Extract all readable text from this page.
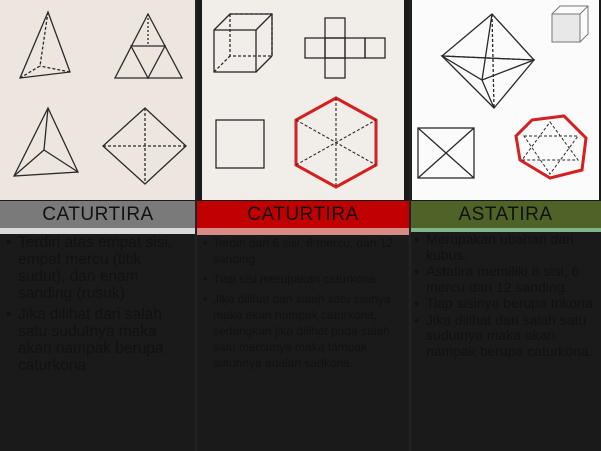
CATURTIRA
• Terdiri atas empat sisi, empat mercu (titik sudut), dan enam sanding (rusuk)
• Jika dilihat dari salah satu sudutnya maka akan nampak berupa caturkona
CATURTIRA
• Terdiri dari 6 sisi, 8 mercu, dan 12 sanding.
• Tiap sisi merupakan caturkona
• Jika dilihat dari salah satu sisinya maka akan nampak caturkona, sedangkan jika dilihat pada salah satu mercunya maka tampak sutuhnya adalah sadkona.
ASTATIRA
• Merupakan ubahan dari kubus.
• Astatira memiliki 8 sisi, 6 mercu dan 12 sanding.
• Tiap sisinya berupa trikona
• Jika dilihat dari salah satu sudutnya maka akan nampak berupa caturkona.
